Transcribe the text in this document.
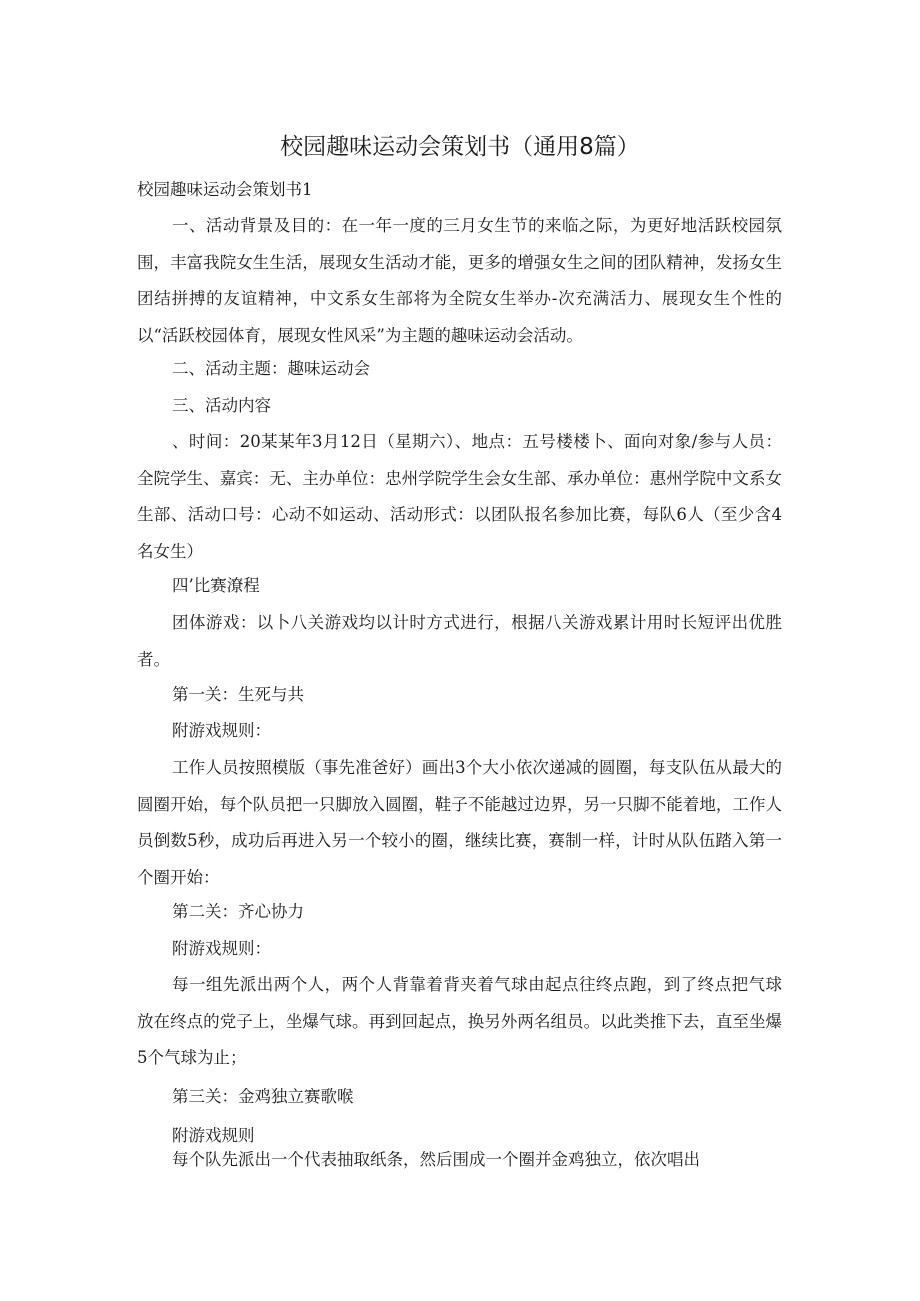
校园趣味运动会策划书（通用8篇）

校园趣味运动会策划书1

一、活动背景及目的：在一年一度的三月女生节的来临之际，为更好地活跃校园氛围，丰富我院女生生活，展现女生活动才能，更多的增强女生之间的团队精神，发扬女生团结拼搏的友谊精神，中文系女生部将为全院女生举办-次充满活力、展现女生个性的以“活跃校园体育，展现女性风采”为主题的趣味运动会活动。

二、活动主题：趣味运动会

三、活动内容

、时间：20某某年3月12日（星期六）、地点：五号楼楼卜、面向对象/参与人员：全院学生、嘉宾：无、主办单位：忠州学院学生会女生部、承办单位：惠州学院中文系女生部、活动口号：心动不如运动、活动形式：以团队报名参加比赛，每队6人（至少含4名女生）

四’比赛潦程

团体游戏：以卜八关游戏均以计时方式进行，根据八关游戏累计用时长短评出优胜者。

第一关：生死与共

附游戏规则：

工作人员按照模版（事先准爸好）画出3个大小依次递减的圆圈，每支队伍从最大的圆圈开始，每个队员把一只脚放入圆圈，鞋子不能越过边界，另一只脚不能着地，工作人员倒数5秒，成功后再进入另一个较小的圈，继续比赛，赛制一样，计时从队伍踏入第一个圈开始：

第二关：齐心协力

附游戏规则：

每一组先派出两个人，两个人背靠着背夹着气球由起点往终点跑，到了终点把气球放在终点的党子上，坐爆气球。再到回起点，换另外两名组员。以此类推下去，直至坐爆5个气球为止；

第三关：金鸡独立赛歌喉

附游戏规则

每个队先派出一个代表抽取纸条，然后围成一个圈并金鸡独立，依次唱出
